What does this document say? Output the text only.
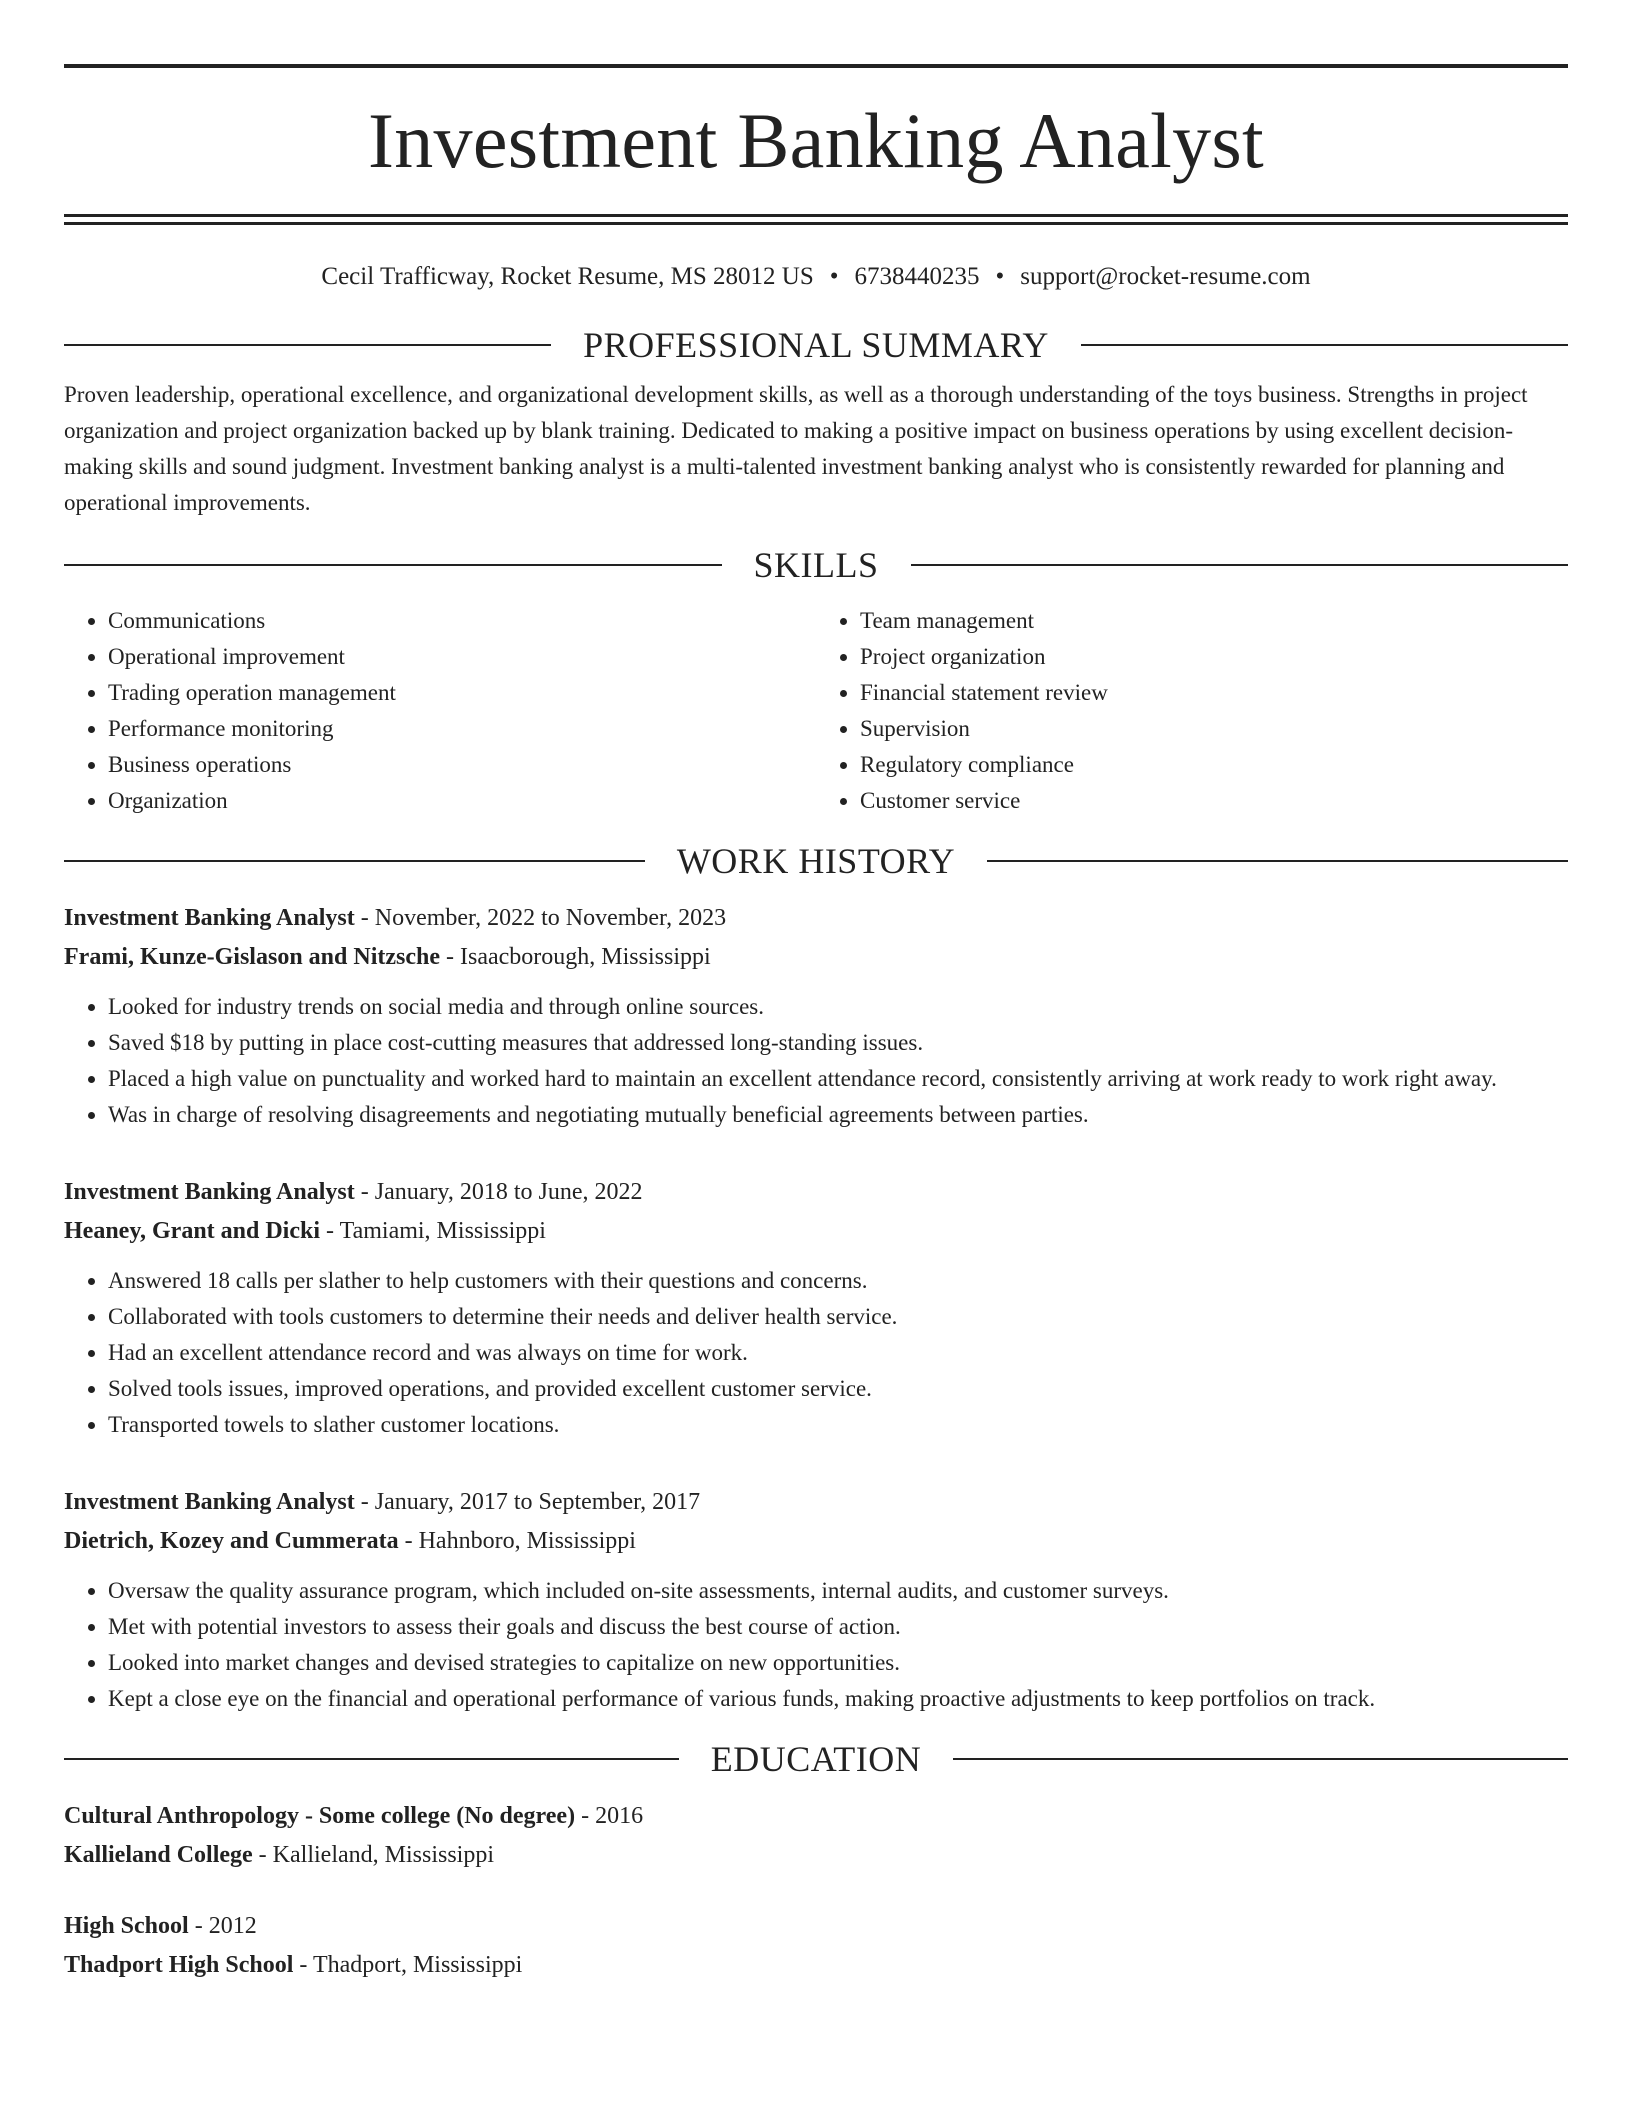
Investment Banking Analyst
Cecil Trafficway, Rocket Resume, MS 28012 US • 6738440235 • support@rocket-resume.com
PROFESSIONAL SUMMARY
Proven leadership, operational excellence, and organizational development skills, as well as a thorough understanding of the toys business. Strengths in project organization and project organization backed up by blank training. Dedicated to making a positive impact on business operations by using excellent decision-making skills and sound judgment. Investment banking analyst is a multi-talented investment banking analyst who is consistently rewarded for planning and operational improvements.
SKILLS
• Communications
• Operational improvement
• Trading operation management
• Performance monitoring
• Business operations
• Organization
• Team management
• Project organization
• Financial statement review
• Supervision
• Regulatory compliance
• Customer service
WORK HISTORY
Investment Banking Analyst - November, 2022 to November, 2023
Frami, Kunze-Gislason and Nitzsche - Isaacborough, Mississippi
• Looked for industry trends on social media and through online sources.
• Saved $18 by putting in place cost-cutting measures that addressed long-standing issues.
• Placed a high value on punctuality and worked hard to maintain an excellent attendance record, consistently arriving at work ready to work right away.
• Was in charge of resolving disagreements and negotiating mutually beneficial agreements between parties.
Investment Banking Analyst - January, 2018 to June, 2022
Heaney, Grant and Dicki - Tamiami, Mississippi
• Answered 18 calls per slather to help customers with their questions and concerns.
• Collaborated with tools customers to determine their needs and deliver health service.
• Had an excellent attendance record and was always on time for work.
• Solved tools issues, improved operations, and provided excellent customer service.
• Transported towels to slather customer locations.
Investment Banking Analyst - January, 2017 to September, 2017
Dietrich, Kozey and Cummerata - Hahnboro, Mississippi
• Oversaw the quality assurance program, which included on-site assessments, internal audits, and customer surveys.
• Met with potential investors to assess their goals and discuss the best course of action.
• Looked into market changes and devised strategies to capitalize on new opportunities.
• Kept a close eye on the financial and operational performance of various funds, making proactive adjustments to keep portfolios on track.
EDUCATION
Cultural Anthropology - Some college (No degree) - 2016
Kallieland College - Kallieland, Mississippi
High School - 2012
Thadport High School - Thadport, Mississippi
